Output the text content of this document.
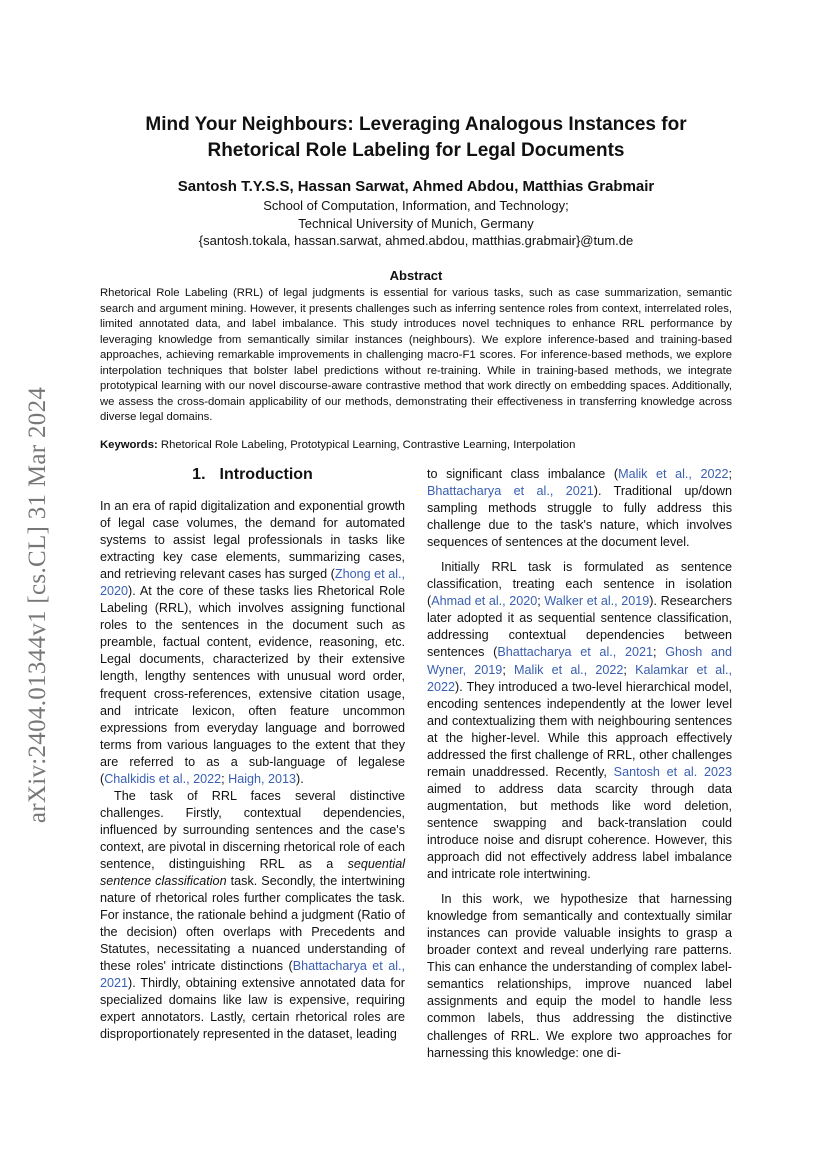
arXiv:2404.01344v1 [cs.CL] 31 Mar 2024
Mind Your Neighbours: Leveraging Analogous Instances for
Rhetorical Role Labeling for Legal Documents
Santosh T.Y.S.S, Hassan Sarwat, Ahmed Abdou, Matthias Grabmair
School of Computation, Information, and Technology;
Technical University of Munich, Germany
{santosh.tokala, hassan.sarwat, ahmed.abdou, matthias.grabmair}@tum.de
Abstract
Rhetorical Role Labeling (RRL) of legal judgments is essential for various tasks, such as case summarization, semantic search and argument mining. However, it presents challenges such as inferring sentence roles from context, interrelated roles, limited annotated data, and label imbalance. This study introduces novel techniques to enhance RRL performance by leveraging knowledge from semantically similar instances (neighbours). We explore inference-based and training-based approaches, achieving remarkable improvements in challenging macro-F1 scores. For inference-based methods, we explore interpolation techniques that bolster label predictions without re-training. While in training-based methods, we integrate prototypical learning with our novel discourse-aware contrastive method that work directly on embedding spaces. Additionally, we assess the cross-domain applicability of our methods, demonstrating their effectiveness in transferring knowledge across diverse legal domains.
Keywords: Rhetorical Role Labeling, Prototypical Learning, Contrastive Learning, Interpolation
1. Introduction

In an era of rapid digitalization and exponential growth of legal case volumes, the demand for automated systems to assist legal professionals in tasks like extracting key case elements, summarizing cases, and retrieving relevant cases has surged (Zhong et al., 2020). At the core of these tasks lies Rhetorical Role Labeling (RRL), which involves assigning functional roles to the sentences in the document such as preamble, factual content, evidence, reasoning, etc. Legal documents, characterized by their extensive length, lengthy sentences with unusual word order, frequent cross-references, extensive citation usage, and intricate lexicon, often feature uncommon expressions from everyday language and borrowed terms from various languages to the extent that they are referred to as a sub-language of legalese (Chalkidis et al., 2022 ; Haigh, 2013).

The task of RRL faces several distinctive challenges. Firstly, contextual dependencies, influenced by surrounding sentences and the case's context, are pivotal in discerning rhetorical role of each sentence, distinguishing RRL as a sequential sentence classification task. Secondly, the intertwining nature of rhetorical roles further complicates the task. For instance, the rationale behind a judgment (Ratio of the decision) often overlaps with Precedents and Statutes, necessitating a nuanced understanding of these roles' intricate distinctions (Bhattacharya et al., 2021). Thirdly, obtaining extensive annotated data for specialized domains like law is expensive, requiring expert annotators. Lastly, certain rhetorical roles are disproportionately represented in the dataset, leading

to significant class imbalance (Malik et al., 2022 ; Bhattacharya et al., 2021). Traditional up/down sampling methods struggle to fully address this challenge due to the task's nature, which involves sequences of sentences at the document level.

Initially RRL task is formulated as sentence classification, treating each sentence in isolation (Ahmad et al., 2020 ; Walker et al., 2019). Researchers later adopted it as sequential sentence classification, addressing contextual dependencies between sentences (Bhattacharya et al., 2021 ; Ghosh and Wyner, 2019 ; Malik et al., 2022 ; Kalamkar et al., 2022). They introduced a two-level hierarchical model, encoding sentences independently at the lower level and contextualizing them with neighbouring sentences at the higher-level. While this approach effectively addressed the first challenge of RRL, other challenges remain unaddressed. Recently, Santosh et al. 2023 aimed to address data scarcity through data augmentation, but methods like word deletion, sentence swapping and back-translation could introduce noise and disrupt coherence. However, this approach did not effectively address label imbalance and intricate role intertwining.

In this work, we hypothesize that harnessing knowledge from semantically and contextually similar instances can provide valuable insights to grasp a broader context and reveal underlying rare patterns. This can enhance the understanding of complex label-semantics relationships, improve nuanced label assignments and equip the model to handle less common labels, thus addressing the distinctive challenges of RRL. We explore two approaches for harnessing this knowledge: one di-
